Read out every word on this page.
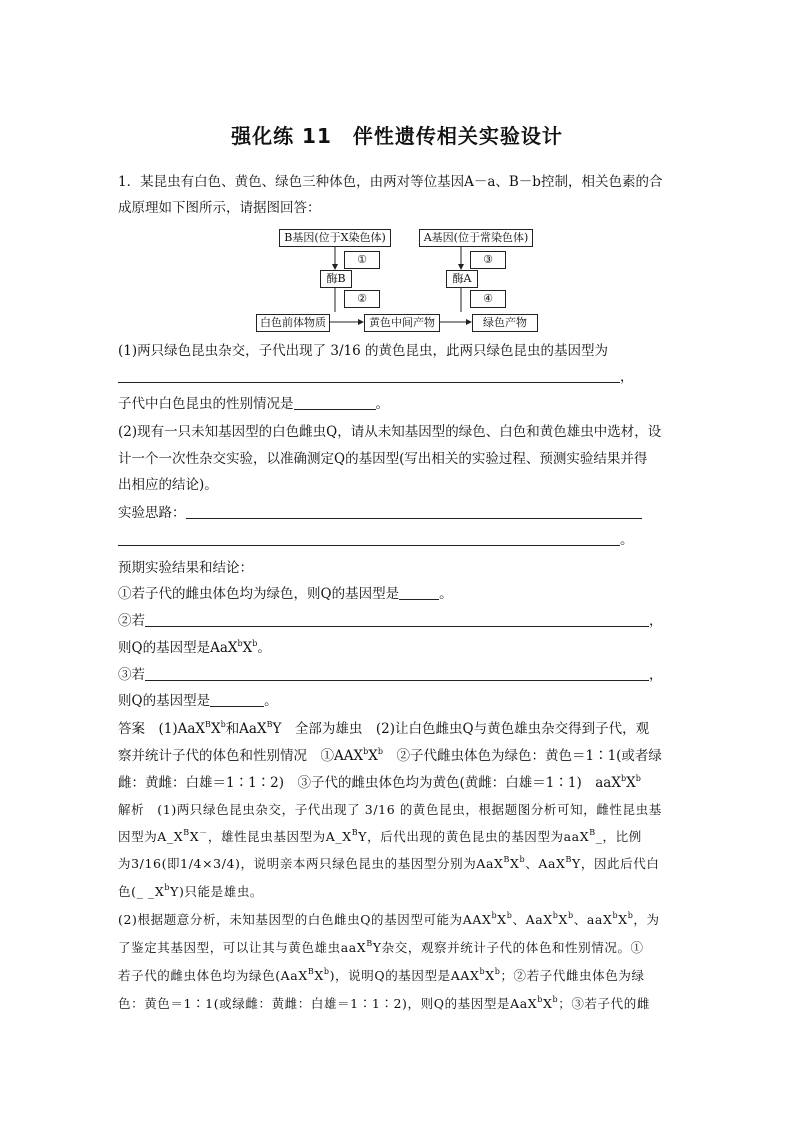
强化练 11　伴性遗传相关实验设计
1．某昆虫有白色、黄色、绿色三种体色，由两对等位基因A－a、B－b控制，相关色素的合
成原理如下图所示，请据图回答：
B基因(位于X染色体)	A基因(位于常染色体)
①	③
酶B	酶A
②	④
白色前体物质	黄色中间产物	绿色产物
(1)两只绿色昆虫杂交，子代出现了 3/16 的黄色昆虫，此两只绿色昆虫的基因型为
，
子代中白色昆虫的性别情况是	。
(2)现有一只未知基因型的白色雌虫Q，请从未知基因型的绿色、白色和黄色雄虫中选材，设
计一个一次性杂交实验，以准确测定Q的基因型(写出相关的实验过程、预测实验结果并得
出相应的结论)。
实验思路：
。
预期实验结果和结论：
①若子代的雌虫体色均为绿色，则Q的基因型是	。
②若	，
则Q的基因型是$AaX^bX^b$。
③若	，
则Q的基因型是	。
答案　$(1)AaX^BX^b$和AaX$^B$Y　全部为雄虫　(2)让白色雌虫Q与黄色雄虫杂交得到子代，观
察并统计子代的体色和性别情况　$①AAX^bX^b$　②子代雌虫体色为绿色：黄色＝1∶1(或者绿
雌：黄雌：白雄＝1∶1∶2)　③子代的雌虫体色均为黄色(黄雌：白雄＝1∶1)　$aaX^bX^b$
解析　(1)两只绿色昆虫杂交，子代出现了 3/16 的黄色昆虫，根据题图分析可知，雌性昆虫基
因型为$A\_X^BX^-$，雄性昆虫基因型为$A\_X^BY$，后代出现的黄色昆虫的基因型为aaX$^B$_，比例
为3/16(即1/4×3/4)，说明亲本两只绿色昆虫的基因型分别为$AaX^BX^b$、AaX$^B$Y，因此后代白
色(_ $\_X^bY$)只能是雄虫。
(2)根据题意分析，未知基因型的白色雌虫Q的基因型可能为$AAX^bX^b$、$AaX^bX^b$、$aaX^bX^b$，为
了鉴定其基因型，可以让其与黄色雄虫aaX$^B$Y杂交，观察并统计子代的体色和性别情况。①
若子代的雌虫体色均为绿色$(AaX^BX^b)$，说明Q的基因型是$AAX^bX^b$；②若子代雌虫体色为绿
色：黄色＝1∶1(或绿雌：黄雌：白雄＝1∶1∶2)，则Q的基因型是$AaX^bX^b$；③若子代的雌
